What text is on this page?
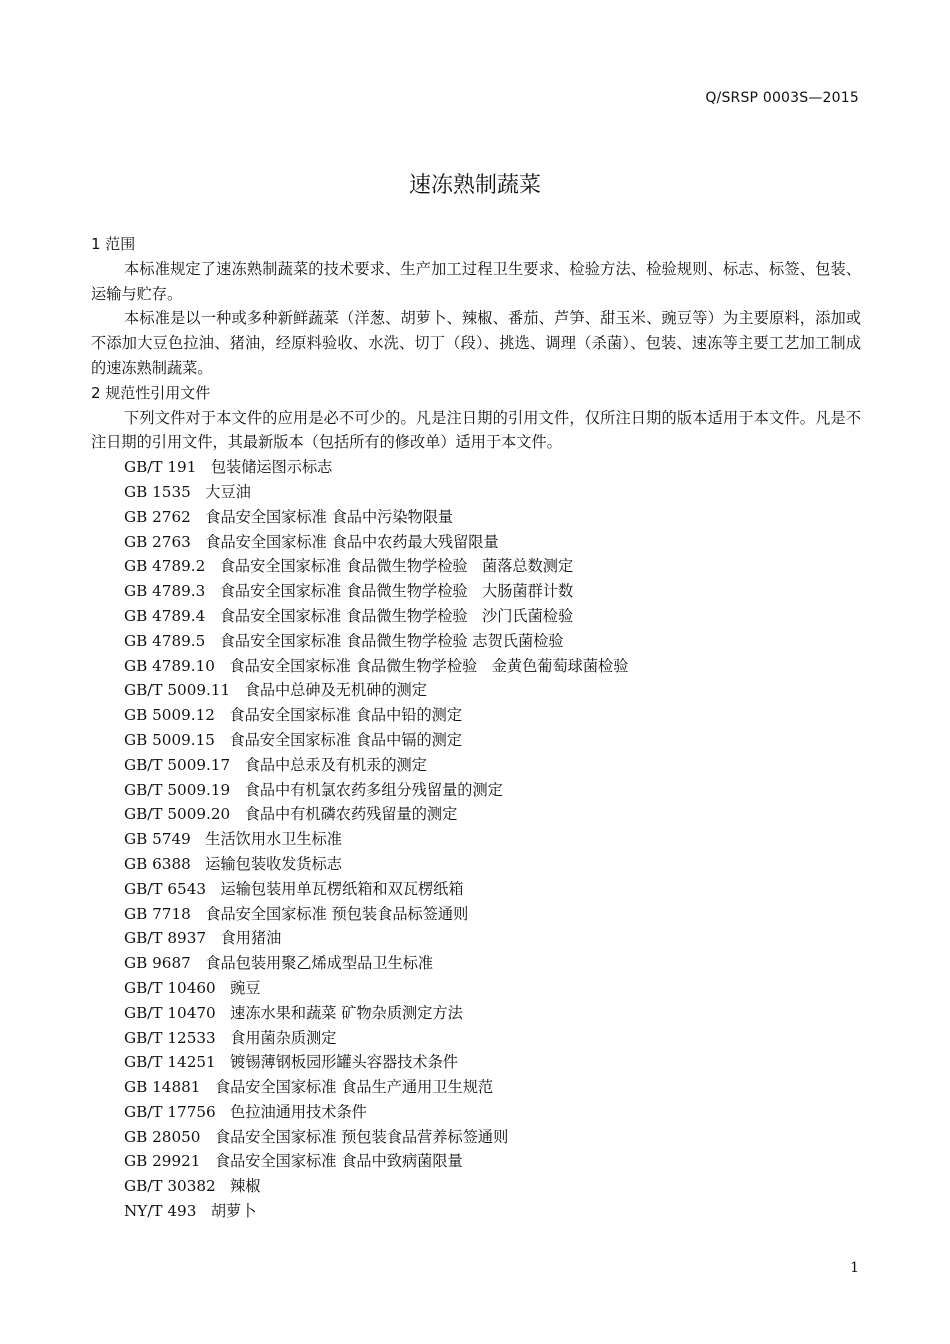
Q/SRSP 0003S—2015
速冻熟制蔬菜
1 范围
本标准规定了速冻熟制蔬菜的技术要求、生产加工过程卫生要求、检验方法、检验规则、标志、标签、包装、运输与贮存。
本标准是以一种或多种新鲜蔬菜（洋葱、胡萝卜、辣椒、番茄、芦笋、甜玉米、豌豆等）为主要原料，添加或不添加大豆色拉油、猪油，经原料验收、水洗、切丁（段）、挑选、调理（杀菌）、包装、速冻等主要工艺加工制成的速冻熟制蔬菜。
2 规范性引用文件
下列文件对于本文件的应用是必不可少的。凡是注日期的引用文件，仅所注日期的版本适用于本文件。凡是不注日期的引用文件，其最新版本（包括所有的修改单）适用于本文件。
GB/T 191   包装储运图示标志
GB 1535   大豆油
GB 2762   食品安全国家标准 食品中污染物限量
GB 2763   食品安全国家标准 食品中农药最大残留限量
GB 4789.2   食品安全国家标准 食品微生物学检验   菌落总数测定
GB 4789.3   食品安全国家标准 食品微生物学检验   大肠菌群计数
GB 4789.4   食品安全国家标准 食品微生物学检验   沙门氏菌检验
GB 4789.5   食品安全国家标准 食品微生物学检验 志贺氏菌检验
GB 4789.10   食品安全国家标准 食品微生物学检验   金黄色葡萄球菌检验
GB/T 5009.11   食品中总砷及无机砷的测定
GB 5009.12   食品安全国家标准 食品中铅的测定
GB 5009.15   食品安全国家标准 食品中镉的测定
GB/T 5009.17   食品中总汞及有机汞的测定
GB/T 5009.19   食品中有机氯农药多组分残留量的测定
GB/T 5009.20   食品中有机磷农药残留量的测定
GB 5749   生活饮用水卫生标准
GB 6388   运输包装收发货标志
GB/T 6543   运输包装用单瓦楞纸箱和双瓦楞纸箱
GB 7718   食品安全国家标准 预包装食品标签通则
GB/T 8937   食用猪油
GB 9687   食品包装用聚乙烯成型品卫生标准
GB/T 10460   豌豆
GB/T 10470   速冻水果和蔬菜 矿物杂质测定方法
GB/T 12533   食用菌杂质测定
GB/T 14251   镀锡薄钢板园形罐头容器技术条件
GB 14881   食品安全国家标准 食品生产通用卫生规范
GB/T 17756   色拉油通用技术条件
GB 28050   食品安全国家标准 预包装食品营养标签通则
GB 29921   食品安全国家标准 食品中致病菌限量
GB/T 30382   辣椒
NY/T 493   胡萝卜
1
